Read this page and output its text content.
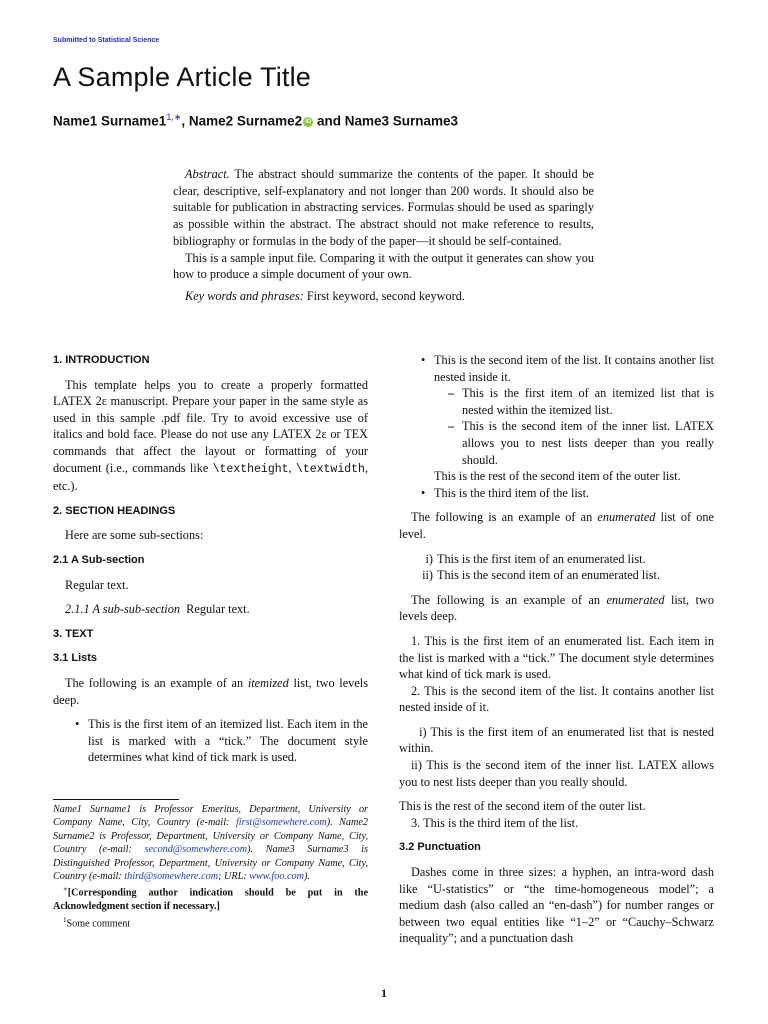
Submitted to Statistical Science
A Sample Article Title
Name1 $Surname1^{1,∗}$, Name2 Surname2 iD and Name3 Surname3

Abstract. The abstract should summarize the contents of the paper. It should be clear, descriptive, self-explanatory and not longer than 200 words. It should also be suitable for publication in abstracting services. Formulas should be used as sparingly as possible within the abstract. The abstract should not make reference to results, bibliography or formulas in the body of the paper—it should be self-contained.

This is a sample input file. Comparing it with the output it generates can show you how to produce a simple document of your own.

Key words and phrases: First keyword, second keyword.

1. INTRODUCTION

This template helps you to create a properly formatted LATEX 2ε manuscript. Prepare your paper in the same style as used in this sample .pdf file. Try to avoid excessive use of italics and bold face. Please do not use any LATEX 2ε or TEX commands that affect the layout or formatting of your document (i.e., commands like \textheight, \textwidth, etc.).

2. SECTION HEADINGS

Here are some sub-sections:

2.1 A Sub-section

Regular text.

2.1.1 A sub-sub-section Regular text.

3. TEXT

3.1 Lists

The following is an example of an itemized list, two levels deep.

• This is the first item of an itemized list. Each item in the list is marked with a “tick.” The document style determines what kind of tick mark is used.
• This is the second item of the list. It contains another list nested inside it.
– This is the first item of an itemized list that is nested within the itemized list.
– This is the second item of the inner list. LATEX allows you to nest lists deeper than you really should.
This is the rest of the second item of the outer list.
• This is the third item of the list.

The following is an example of an enumerated list of one level.

i) This is the first item of an enumerated list.
ii) This is the second item of an enumerated list.

The following is an example of an enumerated list, two levels deep.

1. This is the first item of an enumerated list. Each item in the list is marked with a “tick.” The document style determines what kind of tick mark is used.

2. This is the second item of the list. It contains another list nested inside of it.

i) This is the first item of an enumerated list that is nested within.

ii) This is the second item of the inner list. LATEX allows you to nest lists deeper than you really should.

This is the rest of the second item of the outer list.

3. This is the third item of the list.

3.2 Punctuation

Dashes come in three sizes: a hyphen, an intra-word dash like “U-statistics” or “the time-homogeneous model”; a medium dash (also called an “en-dash”) for number ranges or between two equal entities like “1–2” or “Cauchy–Schwarz inequality”; and a punctuation dash

Name1 Surname1 is Professor Emeritus, Department, University or Company Name, City, Country (e-mail: first@somewhere.com). Name2 Surname2 is Professor, Department, University or Company Name, City, Country (e-mail: second@somewhere.com). Name3 Surname3 is Distinguished Professor, Department, University or Company Name, City, Country (e-mail: third@somewhere.com; URL: www.foo.com).

∗[Corresponding author indication should be put in the Acknowledgment section if necessary.]

$^1$Some comment

1
